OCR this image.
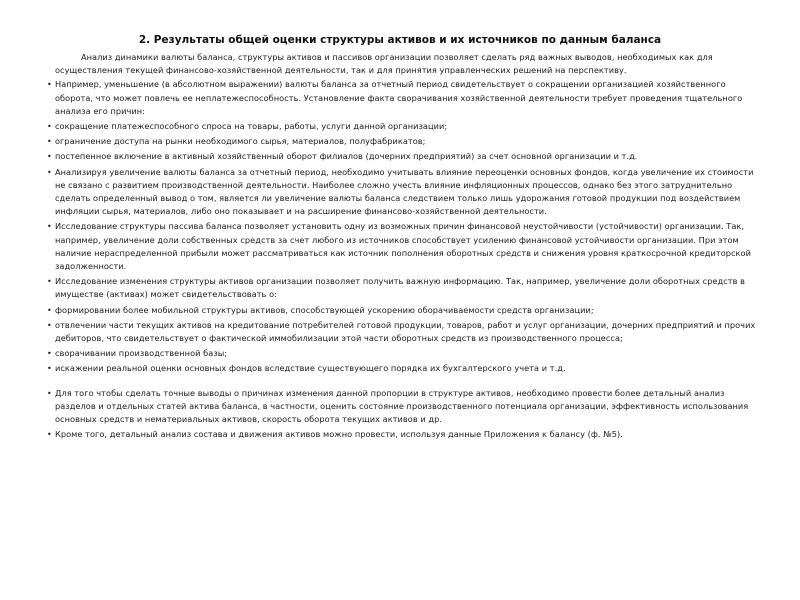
2. Результаты общей оценки структуры активов и их источников по данным баланса

Анализ динамики валюты баланса, структуры активов и пассивов организации позволяет сделать ряд важных выводов, необходимых как для осуществления текущей финансово-хозяйственной деятельности, так и для принятия управленческих решений на перспективу.

• Например, уменьшение (в абсолютном выражении) валюты баланса за отчетный период свидетельствует о сокращении организацией хозяйственного оборота, что может повлечь ее неплатежеспособность. Установление факта сворачивания хозяйственной деятельности требует проведения тщательного анализа его причин:
• сокращение платежеспособного спроса на товары, работы, услуги данной организации;
• ограничение доступа на рынки необходимого сырья, материалов, полуфабрикатов;
• постепенное включение в активный хозяйственный оборот филиалов (дочерних предприятий) за счет основной организации и т.д.
• Анализируя увеличение валюты баланса за отчетный период, необходимо учитывать влияние переоценки основных фондов, когда увеличение их стоимости не связано с развитием производственной деятельности. Наиболее сложно учесть влияние инфляционных процессов, однако без этого затруднительно сделать определенный вывод о том, является ли увеличение валюты баланса следствием только лишь удорожания готовой продукции под воздействием инфляции сырья, материалов, либо оно показывает и на расширение финансово-хозяйственной деятельности.
• Исследование структуры пассива баланса позволяет установить одну из возможных причин финансовой неустойчивости (устойчивости) организации. Так, например, увеличение доли собственных средств за счет любого из источников способствует усилению финансовой устойчивости организации. При этом наличие нераспределенной прибыли может рассматриваться как источник пополнения оборотных средств и снижения уровня краткосрочной кредиторской задолженности.
• Исследование изменения структуры активов организации позволяет получить важную информацию. Так, например, увеличение доли оборотных средств в имуществе (активах) может свидетельствовать о:
• формировании более мобильной структуры активов, способствующей ускорению оборачиваемости средств организации;
• отвлечении части текущих активов на кредитование потребителей готовой продукции, товаров, работ и услуг организации, дочерних предприятий и прочих дебиторов, что свидетельствует о фактической иммобилизации этой части оборотных средств из производственного процесса;
• сворачивании производственной базы;
• искажении реальной оценки основных фондов вследствие существующего порядка их бухгалтерского учета и т.д.
• Для того чтобы сделать точные выводы о причинах изменения данной пропорции в структуре активов, необходимо провести более детальный анализ разделов и отдельных статей актива баланса, в частности, оценить состояние производственного потенциала организации, эффективность использования основных средств и нематериальных активов, скорость оборота текущих активов и др.
• Кроме того, детальный анализ состава и движения активов можно провести, используя данные Приложения к балансу (ф. №5).
